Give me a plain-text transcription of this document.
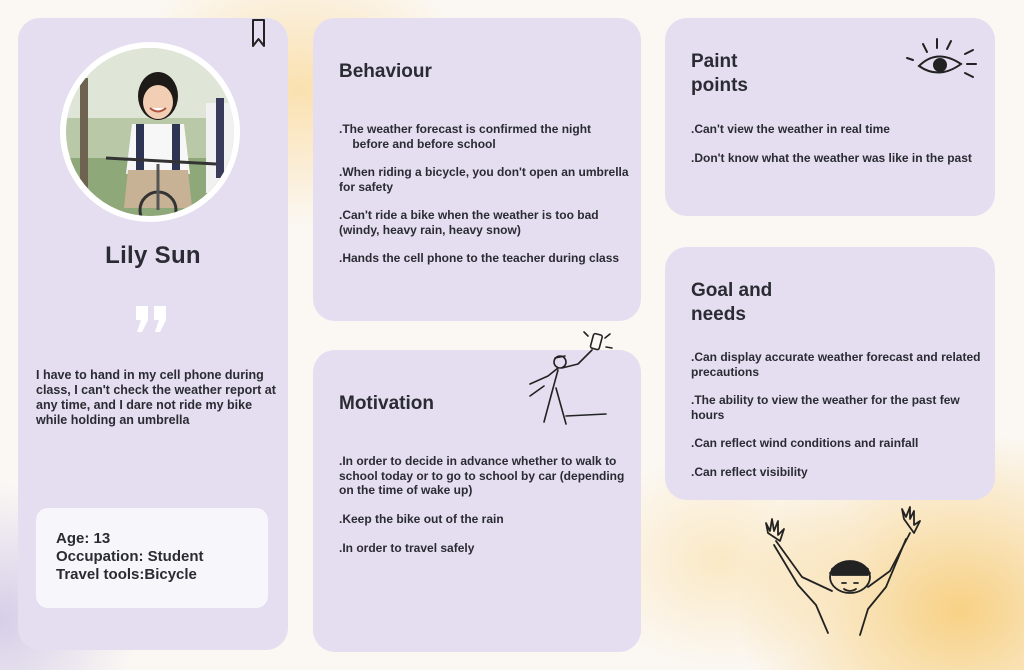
Lily Sun
I have to hand in my cell phone during class, I can't check the weather report at any time, and I dare not ride my bike while holding an umbrella
Age: 13
Occupation: Student
Travel tools:Bicycle
Behaviour
.The weather forecast is confirmed the night     before and before school
.When riding a bicycle, you don't open an umbrella for safety
.Can't ride a bike when the weather is too bad (windy, heavy rain, heavy snow)
.Hands the cell phone to the teacher during class
Motivation
.In order to decide in advance whether to walk to school today or to go to school by car (depending on the time of wake up)
.Keep the bike out of the rain
.In order to travel safely
Paint
points
.Can't view the weather in real time
.Don't know what the weather was like in the past
Goal and
needs
.Can display accurate weather forecast and related precautions
.The ability to view the weather for the past few hours
.Can reflect wind conditions and rainfall
.Can reflect visibility
